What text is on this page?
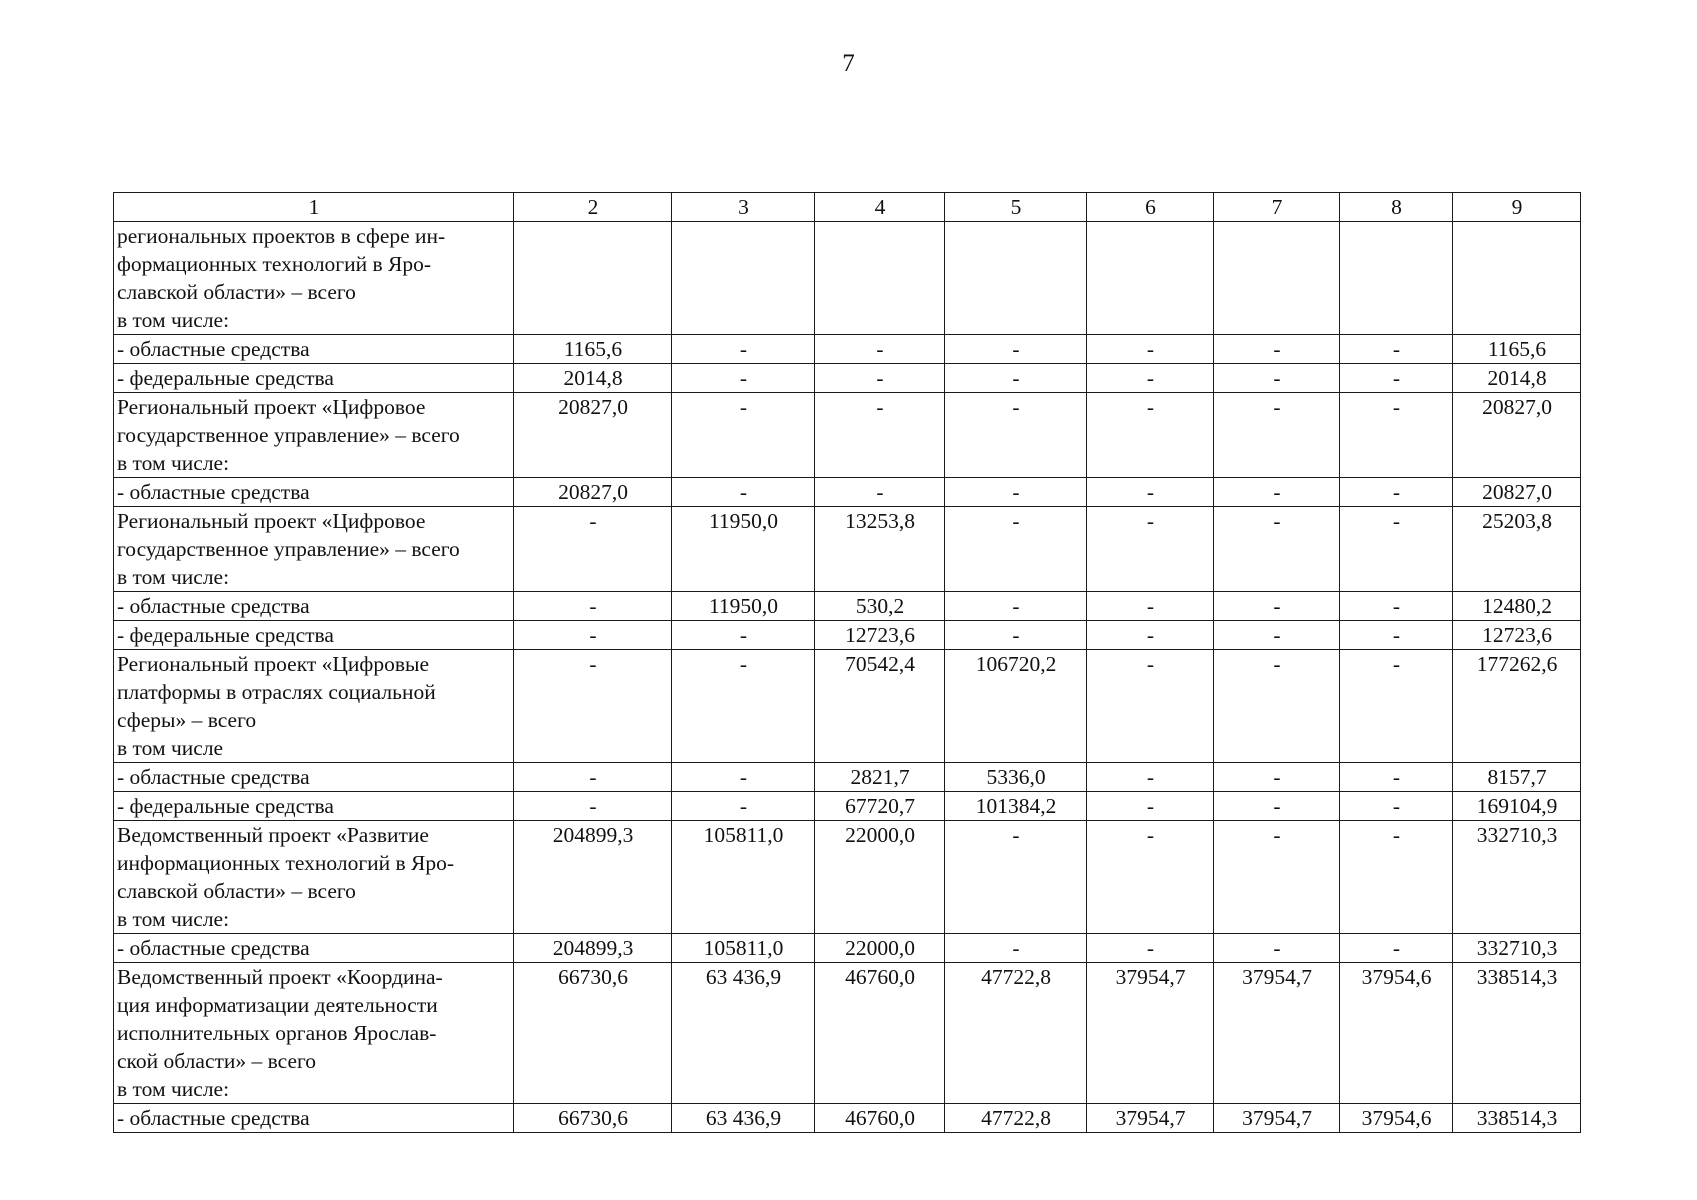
7
1	2	3	4	5	6	7	8	9

региональных проектов в сфере ин-
формационных технологий в Яро-
славской области» – всего
в том числе:								

- областные средства	1165,6	-	-	-	-	-	-	1165,6

- федеральные средства	2014,8	-	-	-	-	-	-	2014,8

Региональный проект «Цифровое
государственное управление» – всего
в том числе:	20827,0	-	-	-	-	-	-	20827,0

- областные средства	20827,0	-	-	-	-	-	-	20827,0

Региональный проект «Цифровое
государственное управление» – всего
в том числе:	-	11950,0	13253,8	-	-	-	-	25203,8

- областные средства	-	11950,0	530,2	-	-	-	-	12480,2

- федеральные средства	-	-	12723,6	-	-	-	-	12723,6

Региональный проект «Цифровые
платформы в отраслях социальной
сферы» – всего
в том числе	-	-	70542,4	106720,2	-	-	-	177262,6

- областные средства	-	-	2821,7	5336,0	-	-	-	8157,7

- федеральные средства	-	-	67720,7	101384,2	-	-	-	169104,9

Ведомственный проект «Развитие
информационных технологий в Яро-
славской области» – всего
в том числе:	204899,3	105811,0	22000,0	-	-	-	-	332710,3

- областные средства	204899,3	105811,0	22000,0	-	-	-	-	332710,3

Ведомственный проект «Координа-
ция информатизации деятельности
исполнительных органов Ярослав-
ской области» – всего
в том числе:	66730,6	63 436,9	46760,0	47722,8	37954,7	37954,7	37954,6	338514,3

- областные средства	66730,6	63 436,9	46760,0	47722,8	37954,7	37954,7	37954,6	338514,3
